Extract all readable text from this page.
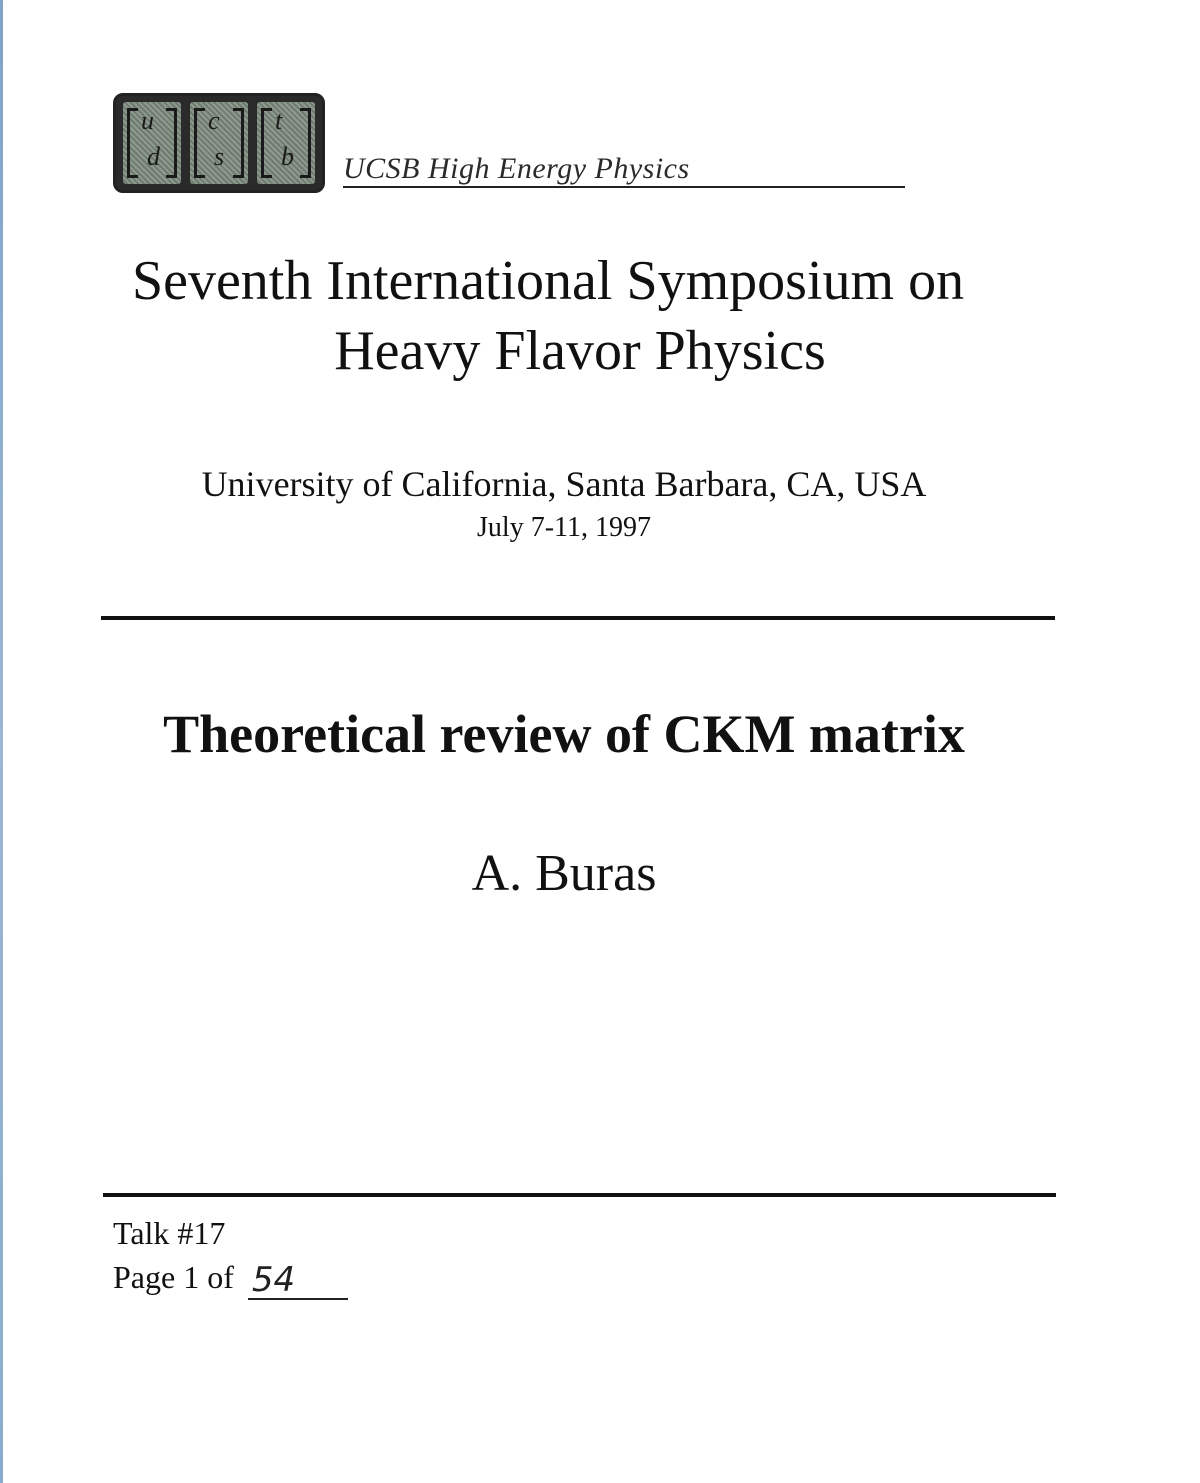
u
d
c
s
t
b UCSB High Energy Physics
Seventh International Symposium on
Heavy Flavor Physics
University of California, Santa Barbara, CA, USA
July 7-11, 1997
Theoretical review of CKM matrix
A. Buras
Talk #17
Page 1 of 54
